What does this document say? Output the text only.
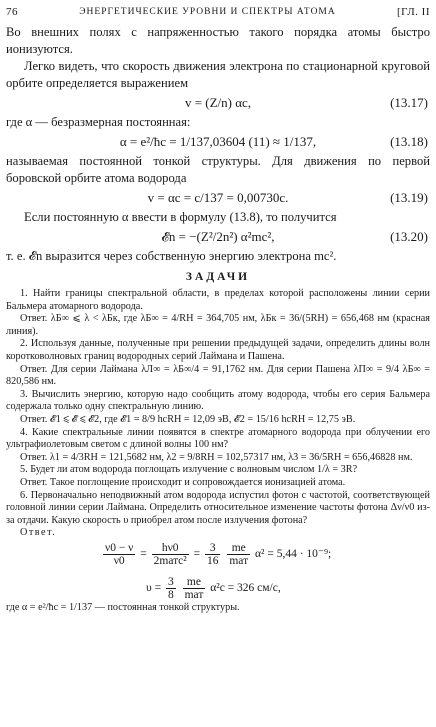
76	ЭНЕРГЕТИЧЕСКИЕ УРОВНИ И СПЕКТРЫ АТОМА	[ГЛ. II

Во внешних полях с напряженностью такого порядка атомы быстро ионизуются.

Легко видеть, что скорость движения электрона по стационарной круговой орбите определяется выражением

v = (Z/n) αc,	(13.17)

где α — безразмерная постоянная:

α = e²/ħc = 1/137,03604 (11) ≈ 1/137,	(13.18)

называемая постоянной тонкой структуры. Для движения по первой боровской орбите атома водорода

v = αc = c/137 = 0,00730c.	(13.19)

Если постоянную α ввести в формулу (13.8), то получится

𝓔n = −(Z²/2n²) α²mc²,	(13.20)

т. е. 𝓔n выразится через собственную энергию электрона mc².

ЗАДАЧИ

1. Найти границы спектральной области, в пределах которой расположены линии серии Бальмера атомарного водорода.

Ответ. λБ∞ ⩽ λ < λБк, где λБ∞ = 4/RH = 364,705 нм, λБк = 36/(5RH) = 656,468 нм (красная линия).

2. Используя данные, полученные при решении предыдущей задачи, определить длины волн коротковолновых границ водородных серий Лаймана и Пашена.

Ответ. Для серии Лаймана λЛ∞ = λБ∞/4 = 91,1762 нм. Для серии Пашена λП∞ = 9/4 λБ∞ = 820,586 нм.

3. Вычислить энергию, которую надо сообщить атому водорода, чтобы его серия Бальмера содержала только одну спектральную линию.

Ответ. 𝓔1 ⩽ 𝓔 ⩽ 𝓔2, где 𝓔1 = 8/9 hcRH = 12,09 эВ, 𝓔2 = 15/16 hcRH = 12,75 эВ.

4. Какие спектральные линии появятся в спектре атомарного водорода при облучении его ультрафиолетовым светом с длиной волны 100 нм?

Ответ. λ1 = 4/3RH = 121,5682 нм, λ2 = 9/8RH = 102,57317 нм, λ3 = 36/5RH = 656,46828 нм.

5. Будет ли атом водорода поглощать излучение с волновым числом 1/λ = 3R?

Ответ. Такое поглощение происходит и сопровождается ионизацией атома.

6. Первоначально неподвижный атом водорода испустил фотон с частотой, соответствующей головной линии серии Лаймана. Определить относительное изменение частоты фотона Δν/ν0 из-за отдачи. Какую скорость υ приобрел атом после излучения фотона?

Ответ.

$\frac{\nu 0 - \nu}{\nu 0}$ =
hν0
2mатc²
= $\frac{3}{16}$
me
mат
α² = 5,44 · 10⁻⁹;
$\upsilon = \frac{3}{8}$
me
mат
α²c = 326 см/с,

где α = e²/ħc = 1/137 — постоянная тонкой структуры.
